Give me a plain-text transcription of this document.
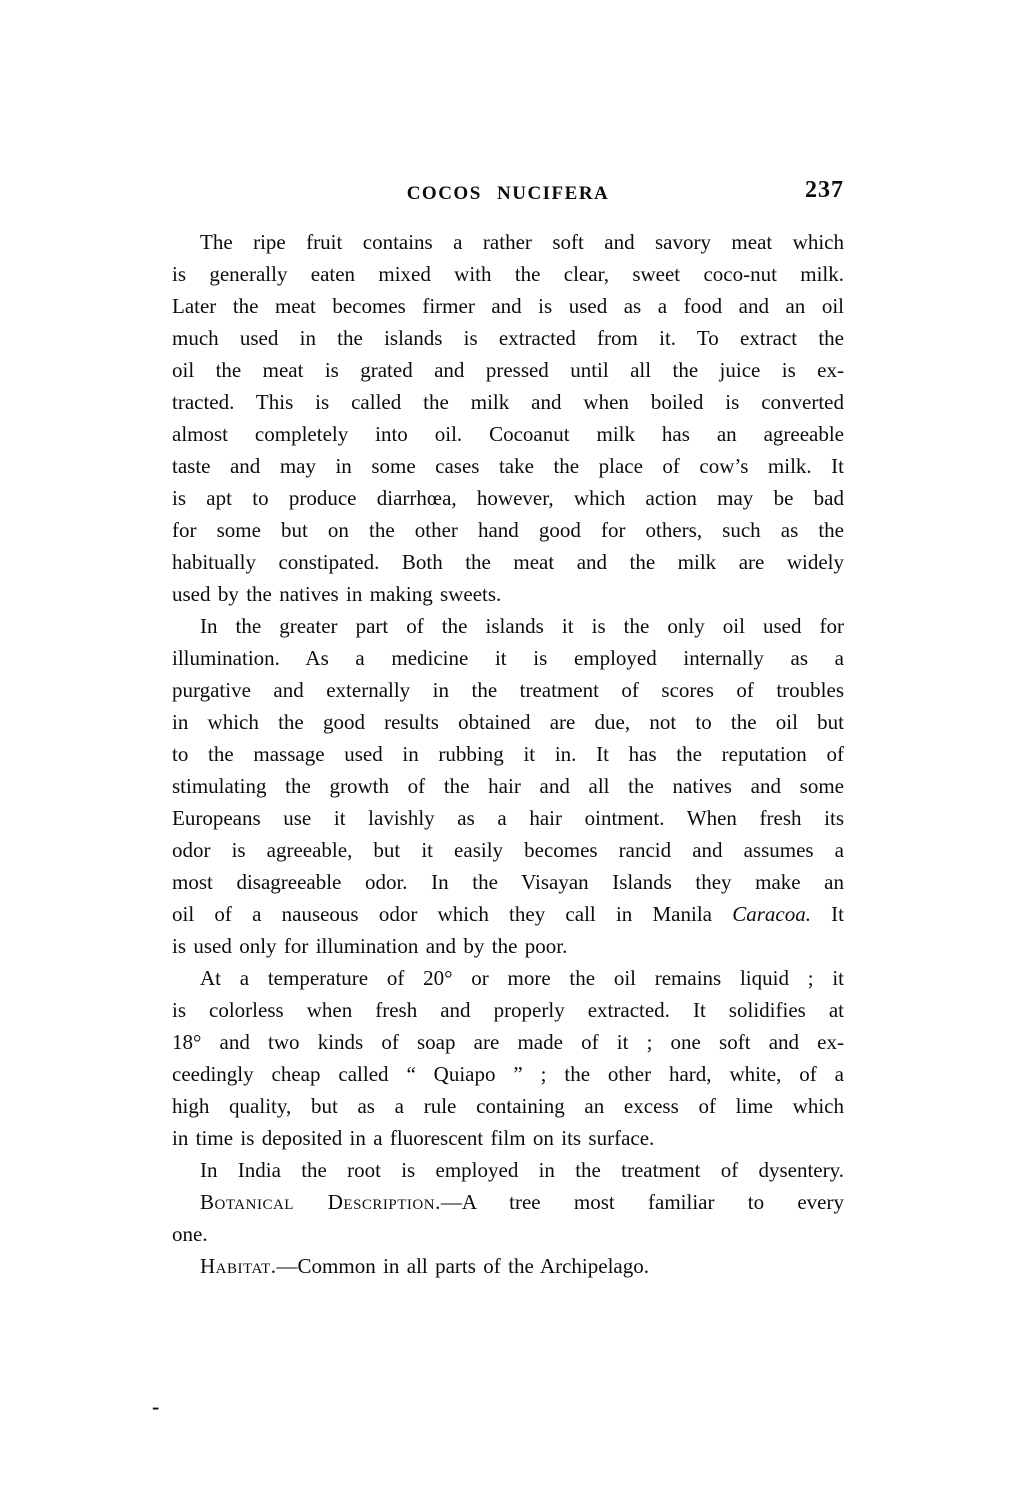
COCOS NUCIFERA	237
The ripe fruit contains a rather soft and savory meat which
is generally eaten mixed with the clear, sweet coco-nut milk.
Later the meat becomes firmer and is used as a food and an oil
much used in the islands is extracted from it. To extract the
oil the meat is grated and pressed until all the juice is ex-
tracted. This is called the milk and when boiled is converted
almost completely into oil. Cocoanut milk has an agreeable
taste and may in some cases take the place of cow’s milk. It
is apt to produce diarrhœa, however, which action may be bad
for some but on the other hand good for others, such as the
habitually constipated. Both the meat and the milk are widely
used by the natives in making sweets.
In the greater part of the islands it is the only oil used for
illumination. As a medicine it is employed internally as a
purgative and externally in the treatment of scores of troubles
in which the good results obtained are due, not to the oil but
to the massage used in rubbing it in. It has the reputation of
stimulating the growth of the hair and all the natives and some
Europeans use it lavishly as a hair ointment. When fresh its
odor is agreeable, but it easily becomes rancid and assumes a
most disagreeable odor. In the Visayan Islands they make an
oil of a nauseous odor which they call in Manila Caracoa. It
is used only for illumination and by the poor.
At a temperature of 20° or more the oil remains liquid ; it
is colorless when fresh and properly extracted. It solidifies at
18° and two kinds of soap are made of it ; one soft and ex-
ceedingly cheap called “ Quiapo ” ; the other hard, white, of a
high quality, but as a rule containing an excess of lime which
in time is deposited in a fluorescent film on its surface.
In India the root is employed in the treatment of dysentery.
Botanical Description.—A tree most familiar to every
one.
Habitat.—Common in all parts of the Archipelago.
-
